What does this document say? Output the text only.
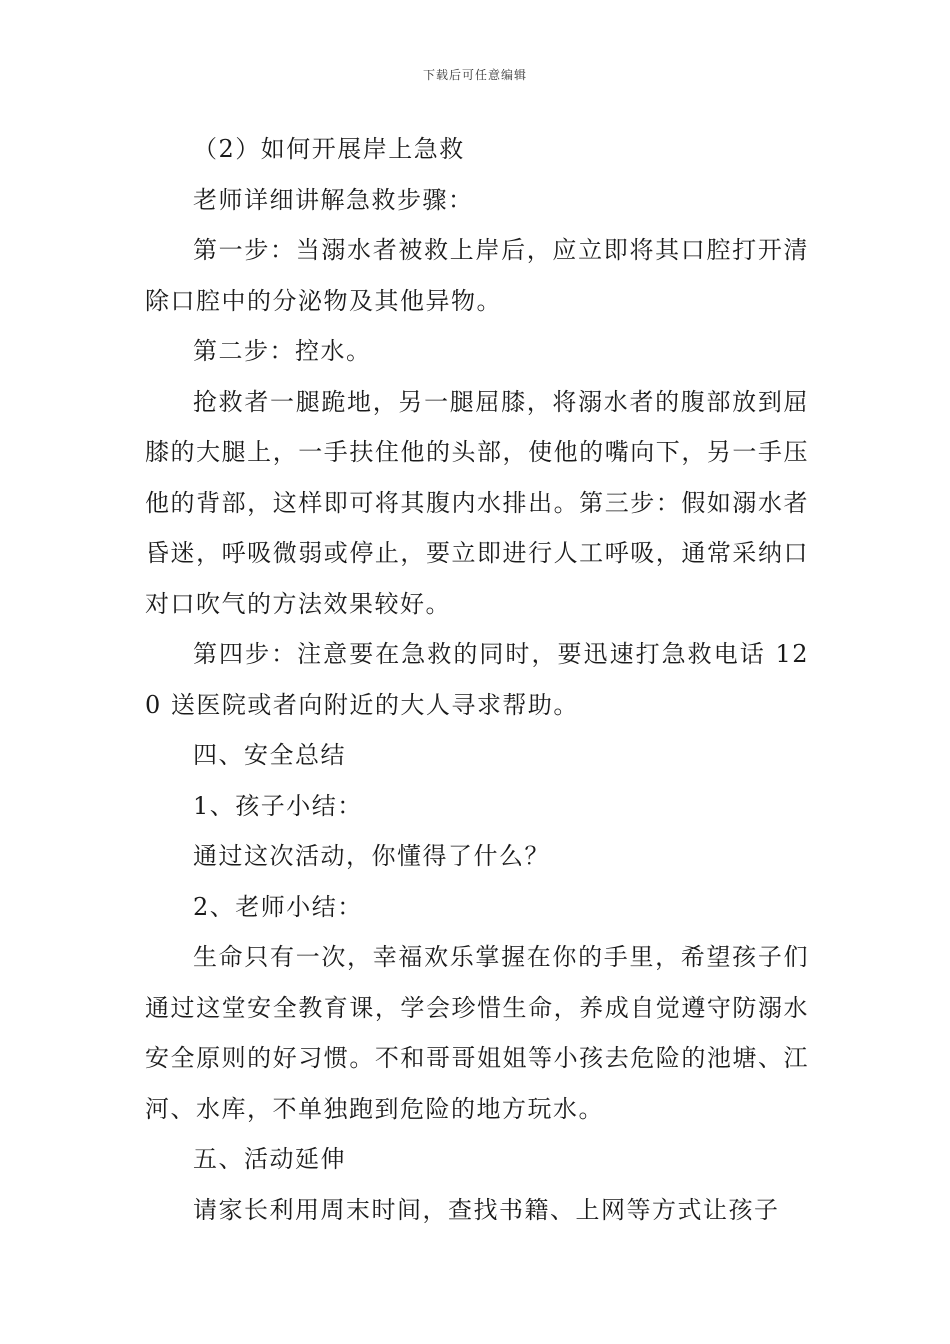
下载后可任意编辑

（2）如何开展岸上急救

老师详细讲解急救步骤：

第一步：当溺水者被救上岸后，应立即将其口腔打开清除口腔中的分泌物及其他异物。

第二步：控水。

抢救者一腿跪地，另一腿屈膝，将溺水者的腹部放到屈膝的大腿上，一手扶住他的头部，使他的嘴向下，另一手压他的背部，这样即可将其腹内水排出。第三步：假如溺水者昏迷，呼吸微弱或停止，要立即进行人工呼吸，通常采纳口对口吹气的方法效果较好。

第四步：注意要在急救的同时，要迅速打急救电话 120 送医院或者向附近的大人寻求帮助。

四、安全总结

1、孩子小结：

通过这次活动，你懂得了什么？

2、老师小结：

生命只有一次，幸福欢乐掌握在你的手里，希望孩子们通过这堂安全教育课，学会珍惜生命，养成自觉遵守防溺水安全原则的好习惯。不和哥哥姐姐等小孩去危险的池塘、江河、水库，不单独跑到危险的地方玩水。

五、活动延伸

请家长利用周末时间，查找书籍、上网等方式让孩子
